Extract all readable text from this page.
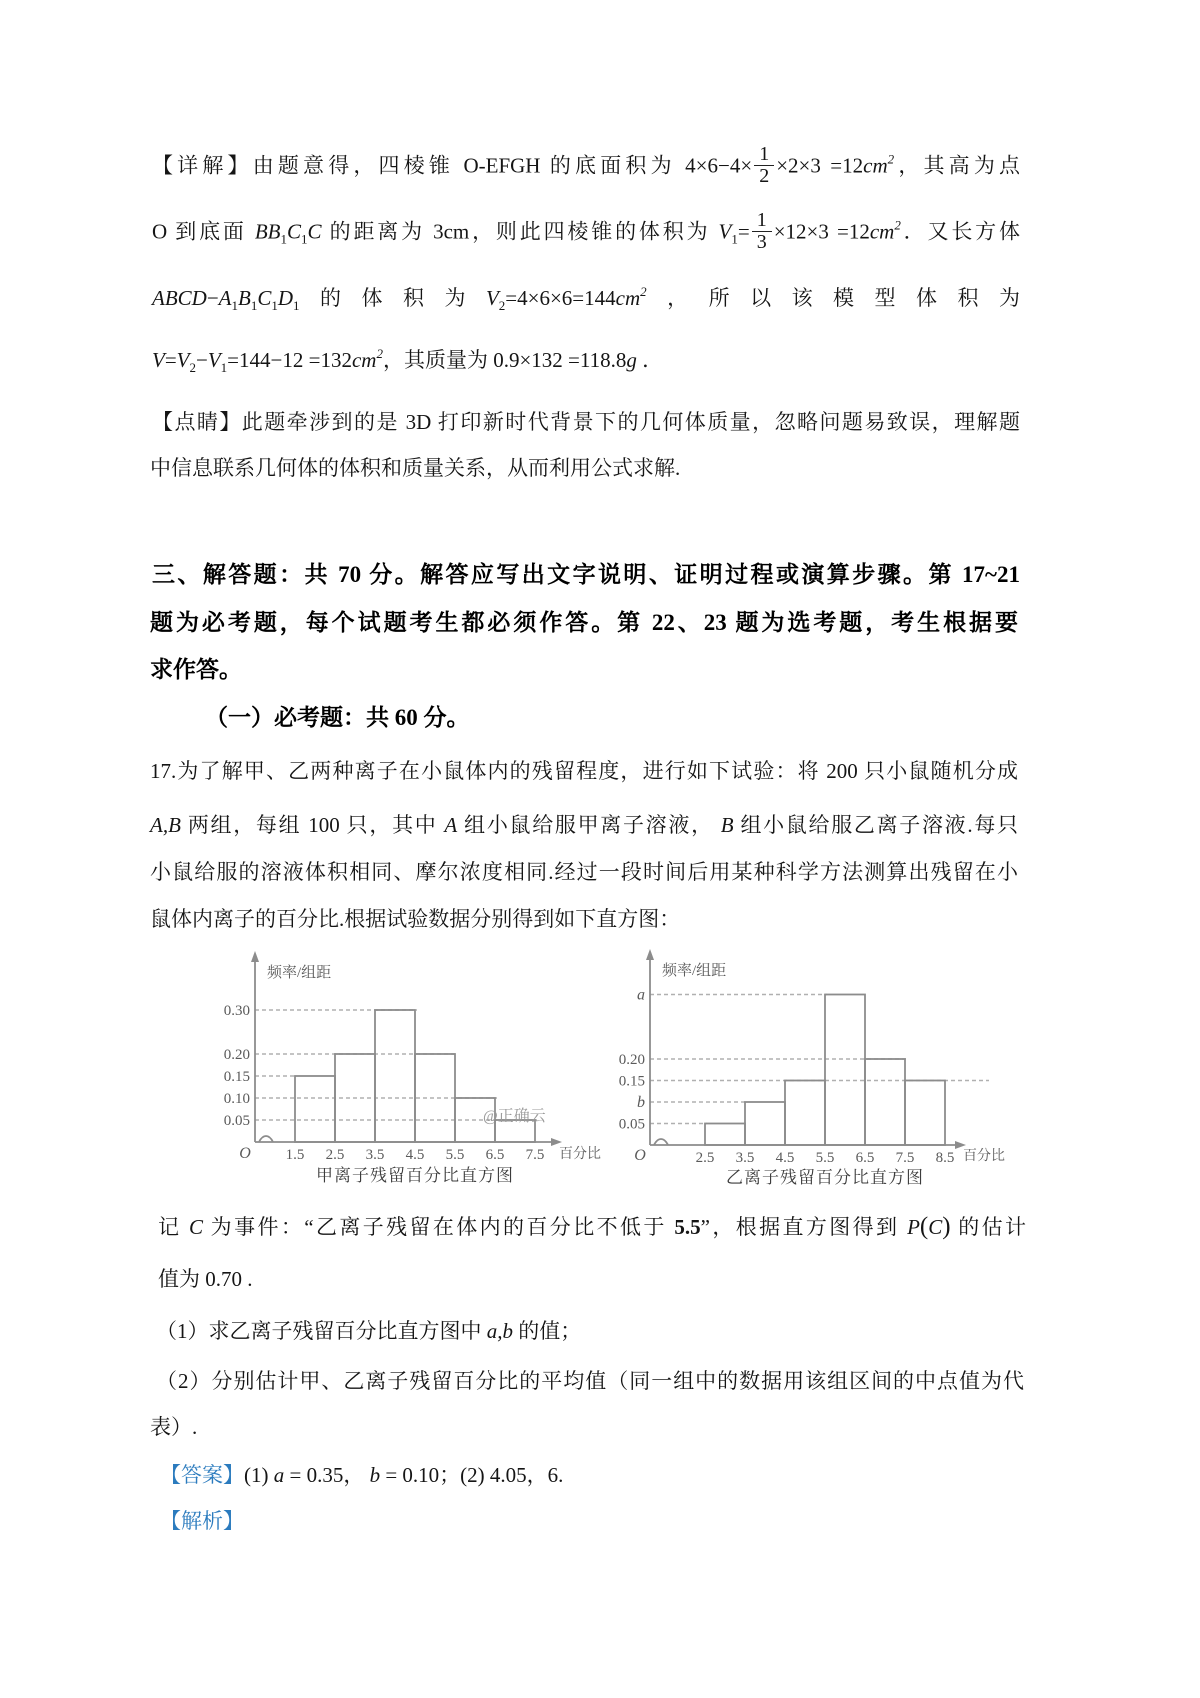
【详解】由题意得，四棱锥 O-EFGH 的底面积为 $4\times 6-4\times \frac{1}{2} \times 2\times 3 =12cm^2$，其高为点
O 到底面 $BB_1C_1C$ 的距离为 3cm，则此四棱锥的体积为 $V_1= \frac{1}{3} \times 12\times 3 =12cm^2$．又长方体
$ABCD-A_1B_1C_1D_1$的体积为$V_2=4\times 6\times 6=144cm^2$，所以该模型体积为
$V=V_2-V_1=144-12 =132cm^2$，其质量为 0.9×132 =118.8g ．
【点睛】此题牵涉到的是 3D 打印新时代背景下的几何体质量，忽略问题易致误，理解题
中信息联系几何体的体积和质量关系，从而利用公式求解.
三、解答题：共 70 分。解答应写出文字说明、证明过程或演算步骤。第 17~21
题为必考题，每个试题考生都必须作答。第 22、23 题为选考题，考生根据要
求作答。
（一）必考题：共 60 分。
17.为了解甲、乙两种离子在小鼠体内的残留程度，进行如下试验：将 200 只小鼠随机分成
A,B 两组，每组 100 只，其中 A 组小鼠给服甲离子溶液， B 组小鼠给服乙离子溶液.每只
小鼠给服的溶液体积相同、摩尔浓度相同.经过一段时间后用某种科学方法测算出残留在小
鼠体内离子的百分比.根据试验数据分别得到如下直方图：
0.05
0.10
0.15
0.20
0.30
1.5 2.5 3.5 4.5 5.5 6.5 7.5
O
频率/组距
百分比
甲离子残留百分比直方图
@正确云	0.05
b
0.15
0.20
a
2.5 3.5 4.5 5.5 6.5 7.5 8.5
O
频率/组距
百分比
乙离子残留百分比直方图
记 C 为事件：“乙离子残留在体内的百分比不低于 5.5”，根据直方图得到 P(C) 的估计
值为 0.70 .
（1）求乙离子残留百分比直方图中 a,b 的值；
（2）分别估计甲、乙离子残留百分比的平均值（同一组中的数据用该组区间的中点值为代
表）.
【答案】(1) a = 0.35， b = 0.10；(2) 4.05，6.
【解析】
